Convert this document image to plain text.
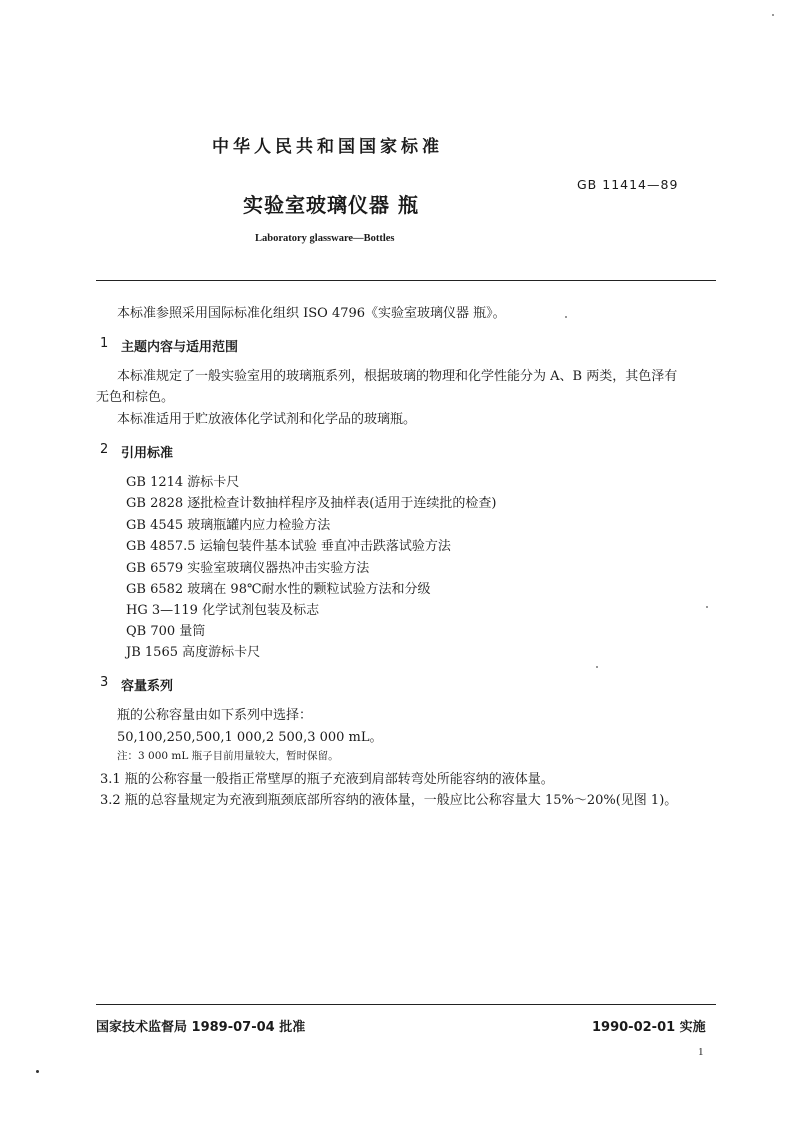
中华人民共和国国家标准

GB 11414—89

实验室玻璃仪器 瓶

Laboratory glassware—Bottles

本标准参照采用国际标准化组织 ISO 4796《实验室玻璃仪器 瓶》。

1 主题内容与适用范围

本标准规定了一般实验室用的玻璃瓶系列，根据玻璃的物理和化学性能分为 A、B 两类，其色泽有

无色和棕色。

本标准适用于贮放液体化学试剂和化学品的玻璃瓶。

2 引用标准

GB 1214 游标卡尺

GB 2828 逐批检查计数抽样程序及抽样表(适用于连续批的检查)

GB 4545 玻璃瓶罐内应力检验方法

GB 4857.5 运输包装件基本试验 垂直冲击跌落试验方法

GB 6579 实验室玻璃仪器热冲击实验方法

GB 6582 玻璃在 98℃耐水性的颗粒试验方法和分级

HG 3—119 化学试剂包装及标志

QB 700 量筒

JB 1565 高度游标卡尺

3 容量系列

瓶的公称容量由如下系列中选择：

50,100,250,500,1 000,2 500,3 000 mL。

注：3 000 mL 瓶子目前用量较大，暂时保留。

3.1 瓶的公称容量一般指正常壁厚的瓶子充液到肩部转弯处所能容纳的液体量。

3.2 瓶的总容量规定为充液到瓶颈底部所容纳的液体量，一般应比公称容量大 15%～20%(见图 1)。

国家技术监督局 1989-07-04 批准	1990-02-01 实施

1
